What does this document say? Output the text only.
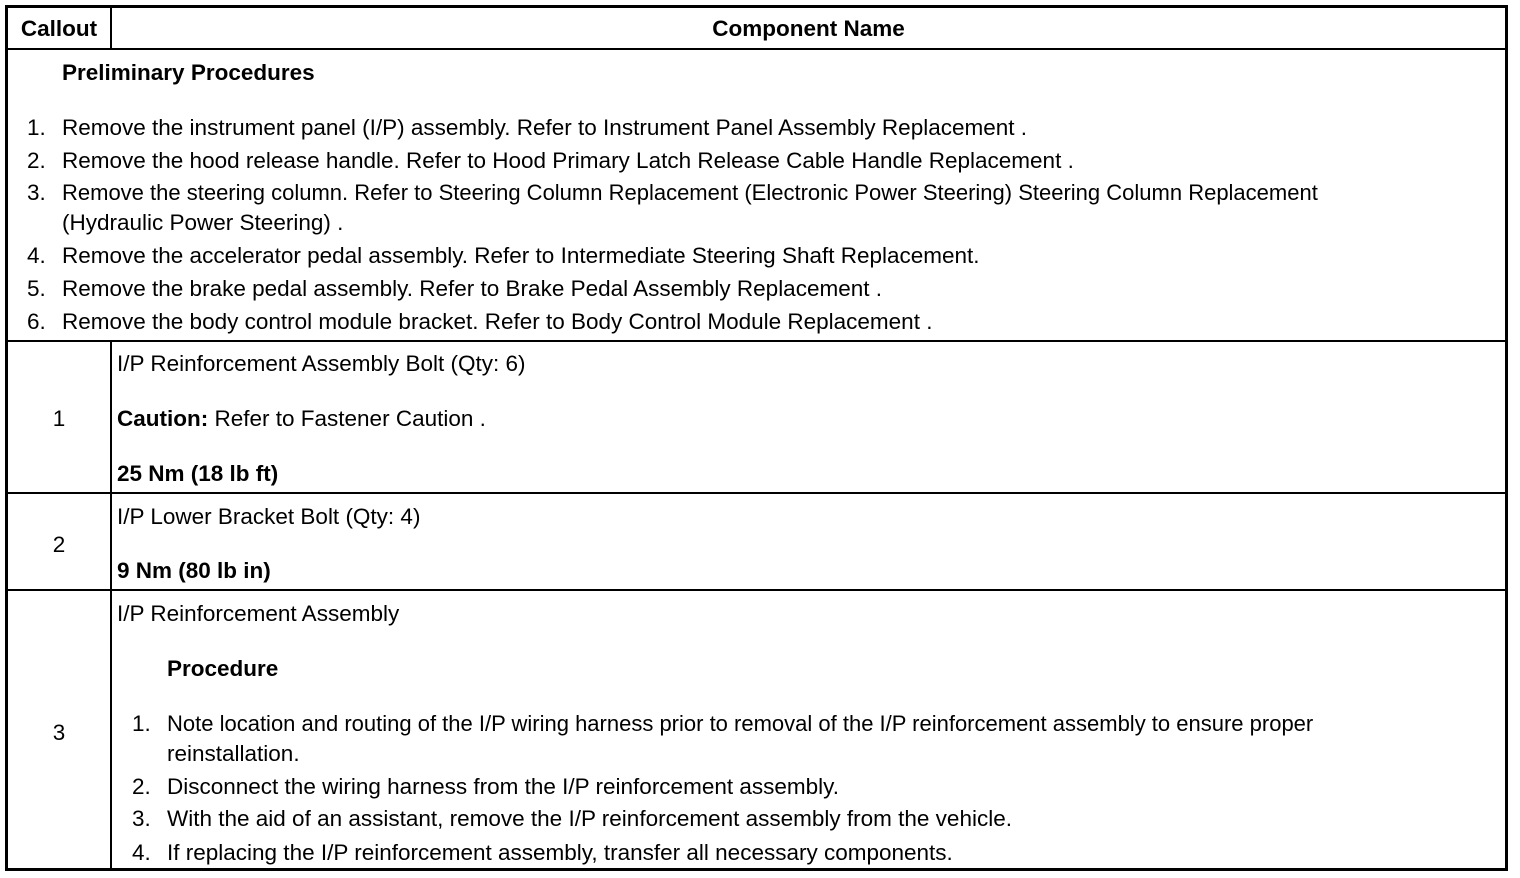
Callout	Component Name
Preliminary Procedures
1. Remove the instrument panel (I/P) assembly. Refer to Instrument Panel Assembly Replacement .
2. Remove the hood release handle. Refer to Hood Primary Latch Release Cable Handle Replacement .
3. Remove the steering column. Refer to Steering Column Replacement (Electronic Power Steering) Steering Column Replacement
(Hydraulic Power Steering) .
4. Remove the accelerator pedal assembly. Refer to Intermediate Steering Shaft Replacement.
5. Remove the brake pedal assembly. Refer to Brake Pedal Assembly Replacement .
6. Remove the body control module bracket. Refer to Body Control Module Replacement .
1
I/P Reinforcement Assembly Bolt (Qty: 6)
Caution: Refer to Fastener Caution .
25 Nm (18 lb ft)
2
I/P Lower Bracket Bolt (Qty: 4)
9 Nm (80 lb in)
3
I/P Reinforcement Assembly
Procedure
1. Note location and routing of the I/P wiring harness prior to removal of the I/P reinforcement assembly to ensure proper
reinstallation.
2. Disconnect the wiring harness from the I/P reinforcement assembly.
3. With the aid of an assistant, remove the I/P reinforcement assembly from the vehicle.
4. If replacing the I/P reinforcement assembly, transfer all necessary components.
